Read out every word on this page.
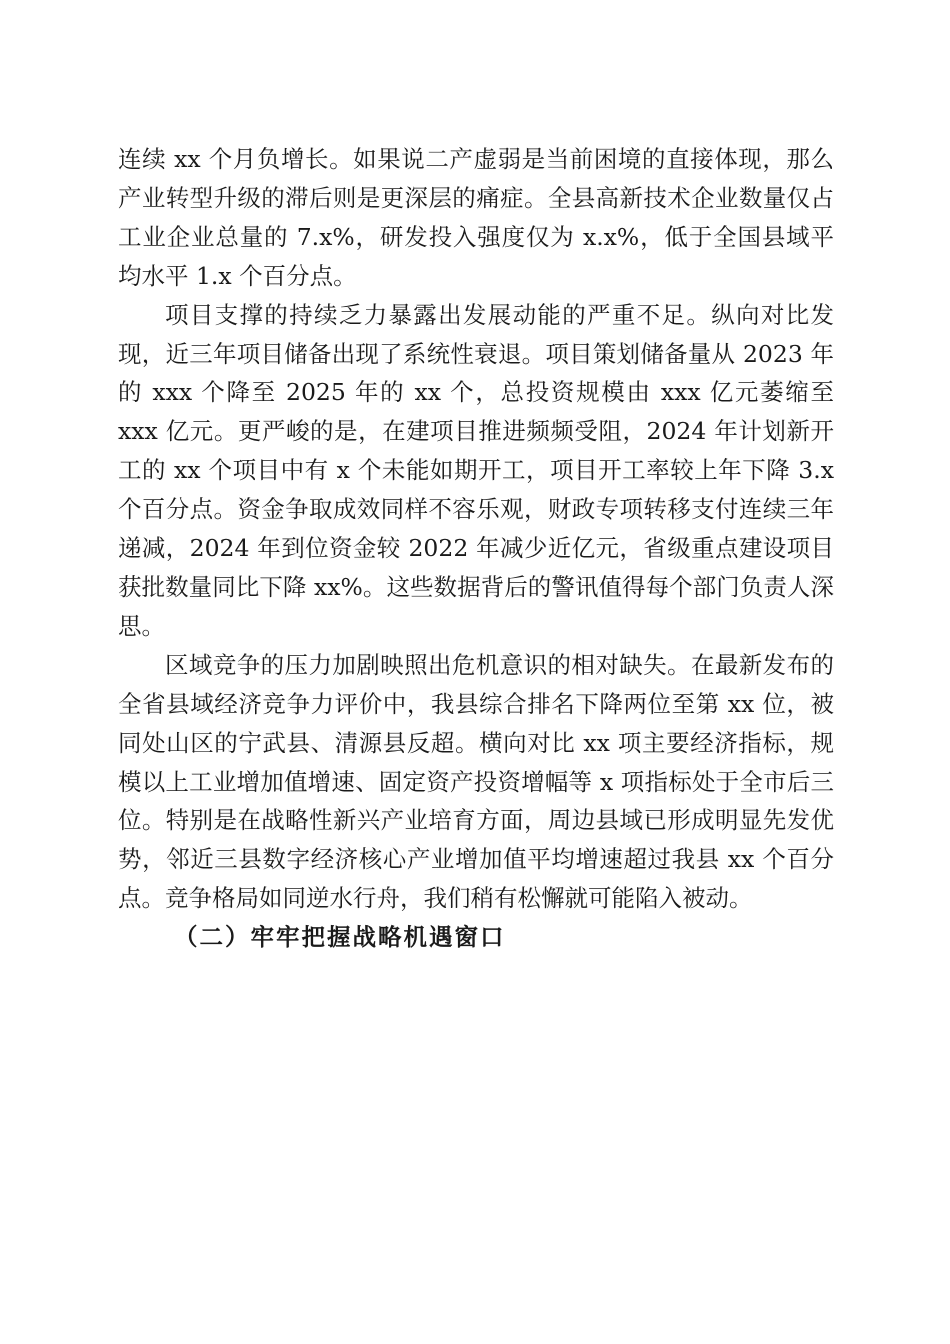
连续 xx 个月负增长。如果说二产虚弱是当前困境的直接体现，那么产业转型升级的滞后则是更深层的痛症。全县高新技术企业数量仅占工业企业总量的 7.x%，研发投入强度仅为 x.x%，低于全国县域平均水平 1.x 个百分点。

项目支撑的持续乏力暴露出发展动能的严重不足。纵向对比发现，近三年项目储备出现了系统性衰退。项目策划储备量从 2023 年的 xxx 个降至 2025 年的 xx 个，总投资规模由 xxx 亿元萎缩至 xxx 亿元。更严峻的是，在建项目推进频频受阻，2024 年计划新开工的 xx 个项目中有 x 个未能如期开工，项目开工率较上年下降 3.x 个百分点。资金争取成效同样不容乐观，财政专项转移支付连续三年递减，2024 年到位资金较 2022 年减少近亿元，省级重点建设项目获批数量同比下降 xx%。这些数据背后的警讯值得每个部门负责人深思。

区域竞争的压力加剧映照出危机意识的相对缺失。在最新发布的全省县域经济竞争力评价中，我县综合排名下降两位至第 xx 位，被同处山区的宁武县、清源县反超。横向对比 xx 项主要经济指标，规模以上工业增加值增速、固定资产投资增幅等 x 项指标处于全市后三位。特别是在战略性新兴产业培育方面，周边县域已形成明显先发优势，邻近三县数字经济核心产业增加值平均增速超过我县 xx 个百分点。竞争格局如同逆水行舟，我们稍有松懈就可能陷入被动。

（二）牢牢把握战略机遇窗口
